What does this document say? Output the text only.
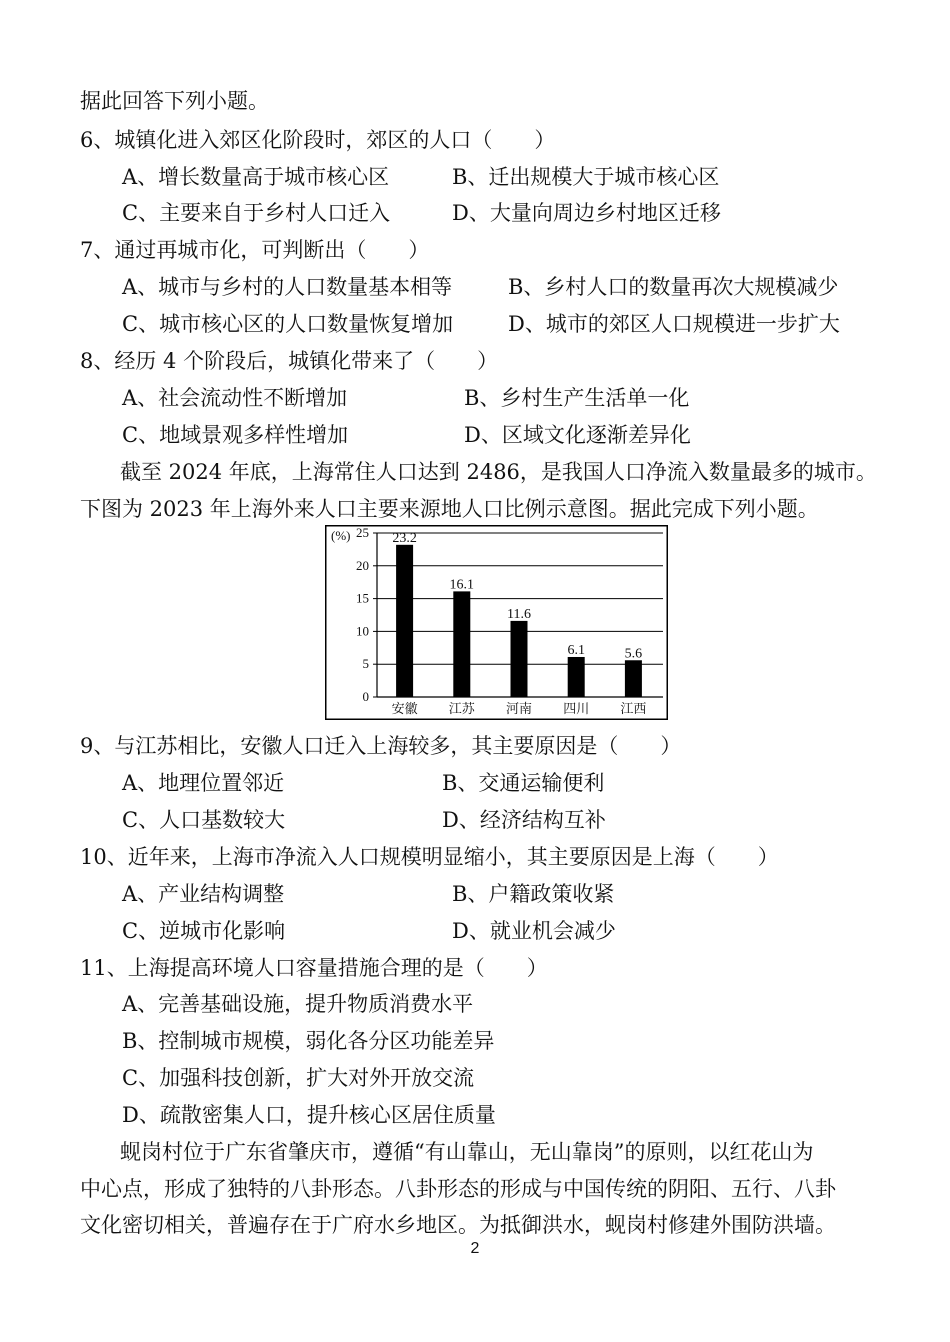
据此回答下列小题。
6、城镇化进入郊区化阶段时，郊区的人口（　　）
A、增长数量高于城市核心区	B、迁出规模大于城市核心区
C、主要来自于乡村人口迁入	D、大量向周边乡村地区迁移
7、通过再城市化，可判断出（　　）
A、城市与乡村的人口数量基本相等	B、乡村人口的数量再次大规模减少
C、城市核心区的人口数量恢复增加	D、城市的郊区人口规模进一步扩大
8、经历 4 个阶段后，城镇化带来了（　　）
A、社会流动性不断增加	B、乡村生产生活单一化
C、地域景观多样性增加	D、区域文化逐渐差异化
截至 2024 年底，上海常住人口达到 2486，是我国人口净流入数量最多的城市。
下图为 2023 年上海外来人口主要来源地人口比例示意图。据此完成下列小题。
0
5
10
15
20
25 23.2
16.1
11.6
6.1	5.6
安徽 江苏 河南 四川 江西
(%)
9、与江苏相比，安徽人口迁入上海较多，其主要原因是（　　）
A、地理位置邻近	B、交通运输便利
C、人口基数较大	D、经济结构互补
10、近年来，上海市净流入人口规模明显缩小，其主要原因是上海（　　）
A、产业结构调整	B、户籍政策收紧
C、逆城市化影响	D、就业机会减少
11、上海提高环境人口容量措施合理的是（　　）
A、完善基础设施，提升物质消费水平
B、控制城市规模，弱化各分区功能差异
C、加强科技创新，扩大对外开放交流
D、疏散密集人口，提升核心区居住质量
蚬岗村位于广东省肇庆市，遵循“有山靠山，无山靠岗”的原则，以红花山为
中心点，形成了独特的八卦形态。八卦形态的形成与中国传统的阴阳、五行、八卦
文化密切相关，普遍存在于广府水乡地区。为抵御洪水，蚬岗村修建外围防洪墙。
2
